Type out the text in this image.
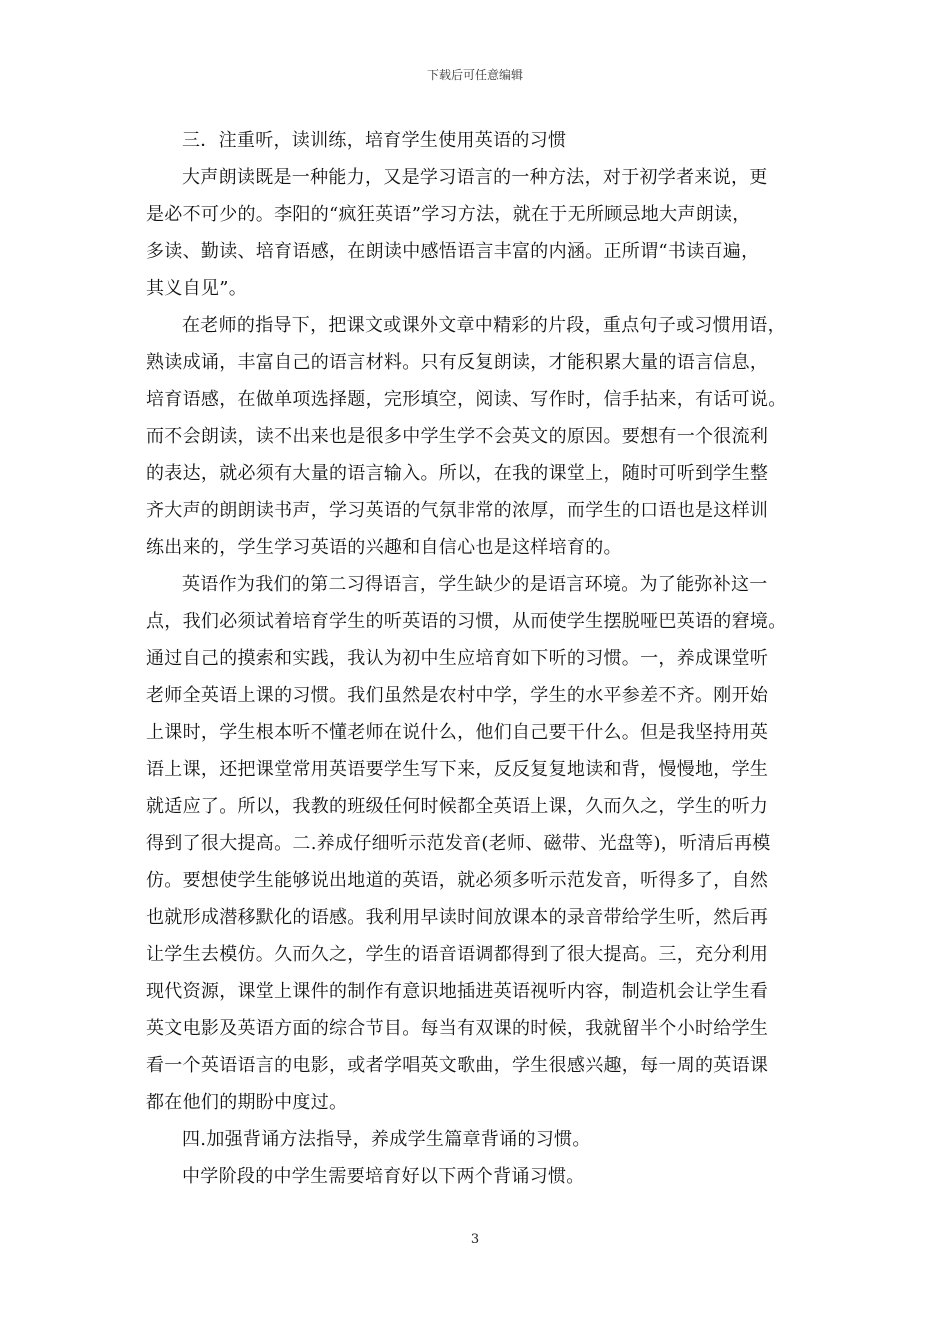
下载后可任意编辑

三．注重听，读训练，培育学生使用英语的习惯

大声朗读既是一种能力，又是学习语言的一种方法，对于初学者来说，更
是必不可少的。李阳的“疯狂英语”学习方法，就在于无所顾忌地大声朗读，
多读、勤读、培育语感，在朗读中感悟语言丰富的内涵。正所谓“书读百遍，
其义自见”。

在老师的指导下，把课文或课外文章中精彩的片段，重点句子或习惯用语，
熟读成诵，丰富自己的语言材料。只有反复朗读，才能积累大量的语言信息，
培育语感，在做单项选择题，完形填空，阅读、写作时，信手拈来，有话可说。
而不会朗读，读不出来也是很多中学生学不会英文的原因。要想有一个很流利
的表达，就必须有大量的语言输入。所以，在我的课堂上，随时可听到学生整
齐大声的朗朗读书声，学习英语的气氛非常的浓厚，而学生的口语也是这样训
练出来的，学生学习英语的兴趣和自信心也是这样培育的。

英语作为我们的第二习得语言，学生缺少的是语言环境。为了能弥补这一
点，我们必须试着培育学生的听英语的习惯，从而使学生摆脱哑巴英语的窘境。
通过自己的摸索和实践，我认为初中生应培育如下听的习惯。一，养成课堂听
老师全英语上课的习惯。我们虽然是农村中学，学生的水平参差不齐。刚开始
上课时，学生根本听不懂老师在说什么，他们自己要干什么。但是我坚持用英
语上课，还把课堂常用英语要学生写下来，反反复复地读和背，慢慢地，学生
就适应了。所以，我教的班级任何时候都全英语上课，久而久之，学生的听力
得到了很大提高。二.养成仔细听示范发音(老师、磁带、光盘等)，听清后再模
仿。要想使学生能够说出地道的英语，就必须多听示范发音，听得多了，自然
也就形成潜移默化的语感。我利用早读时间放课本的录音带给学生听，然后再
让学生去模仿。久而久之，学生的语音语调都得到了很大提高。三，充分利用
现代资源，课堂上课件的制作有意识地插进英语视听内容，制造机会让学生看
英文电影及英语方面的综合节目。每当有双课的时候，我就留半个小时给学生
看一个英语语言的电影，或者学唱英文歌曲，学生很感兴趣，每一周的英语课
都在他们的期盼中度过。

四.加强背诵方法指导，养成学生篇章背诵的习惯。

中学阶段的中学生需要培育好以下两个背诵习惯。

3
